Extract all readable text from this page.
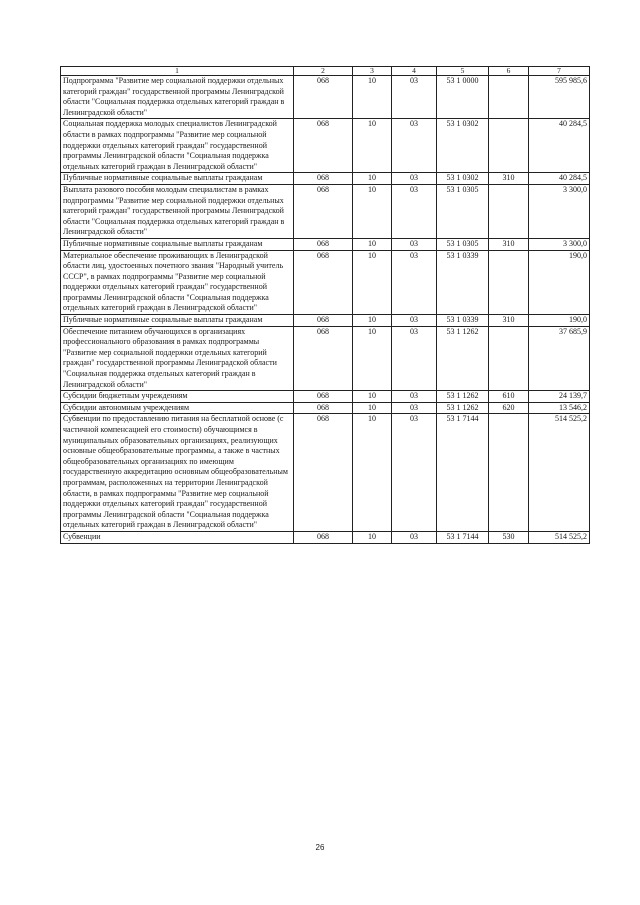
1	2	3	4	5	6	7
Подпрограмма "Развитие мер социальной поддержки отдельных категорий граждан" государственной программы Ленинградской области "Социальная поддержка отдельных категорий граждан в Ленинградской области"	068	10	03	53 1 0000		595 985,6
Социальная поддержка молодых специалистов Ленинградской области в рамках подпрограммы "Развитие мер социальной поддержки отдельных категорий граждан" государственной программы Ленинградской области "Социальная поддержка отдельных категорий граждан в Ленинградской области"	068	10	03	53 1 0302		40 284,5
Публичные нормативные социальные выплаты гражданам	068	10	03	53 1 0302	310	40 284,5
Выплата разового пособия молодым специалистам в рамках подпрограммы "Развитие мер социальной поддержки отдельных категорий граждан" государственной программы Ленинградской области "Социальная поддержка отдельных категорий граждан в Ленинградской области"	068	10	03	53 1 0305		3 300,0
Публичные нормативные социальные выплаты гражданам	068	10	03	53 1 0305	310	3 300,0
Материальное обеспечение проживающих в Ленинградской области лиц, удостоенных почетного звания "Народный учитель СССР", в рамках подпрограммы "Развитие мер социальной поддержки отдельных категорий граждан" государственной программы Ленинградской области "Социальная поддержка отдельных категорий граждан в Ленинградской области"	068	10	03	53 1 0339		190,0
Публичные нормативные социальные выплаты гражданам	068	10	03	53 1 0339	310	190,0
Обеспечение питанием обучающихся в организациях профессионального образования в рамках подпрограммы "Развитие мер социальной поддержки отдельных категорий граждан" государственной программы Ленинградской области "Социальная поддержка отдельных категорий граждан в Ленинградской области"	068	10	03	53 1 1262		37 685,9
Субсидии бюджетным учреждениям	068	10	03	53 1 1262	610	24 139,7
Субсидии автономным учреждениям	068	10	03	53 1 1262	620	13 546,2
Субвенции по предоставлению питания на бесплатной основе (с частичной компенсацией его стоимости) обучающимся в муниципальных образовательных организациях, реализующих основные общеобразовательные программы, а также в частных общеобразовательных организациях по имеющим государственную аккредитацию основным общеобразовательным программам, расположенных на территории Ленинградской области, в рамках подпрограммы "Развитие мер социальной поддержки отдельных категорий граждан" государственной программы Ленинградской области "Социальная поддержка отдельных категорий граждан в Ленинградской области"	068	10	03	53 1 7144		514 525,2
Субвенции	068	10	03	53 1 7144	530	514 525,2
26
